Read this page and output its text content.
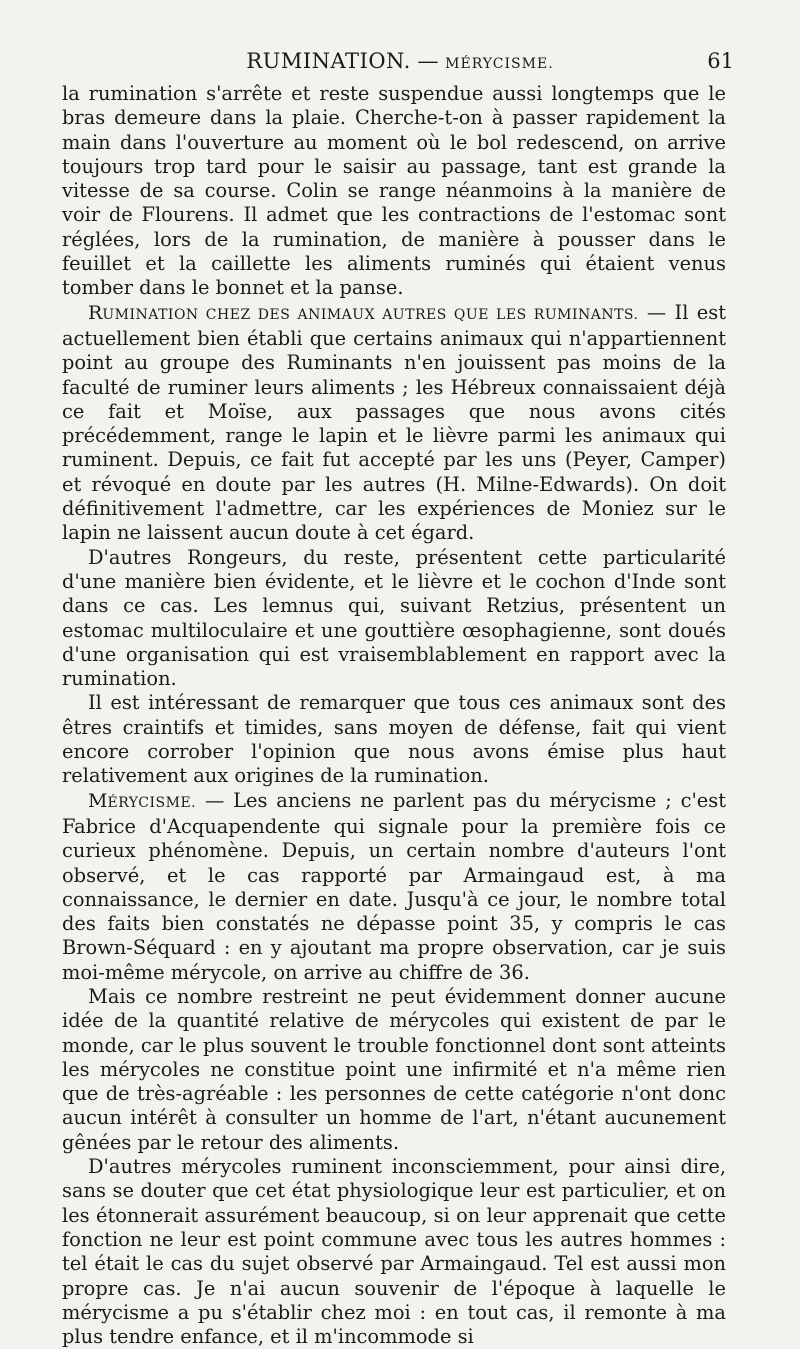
RUMINATION. — MÉRYCISME.	61

la rumination s'arrête et reste suspendue aussi longtemps que le bras demeure dans la plaie. Cherche-t-on à passer rapidement la main dans l'ouverture au moment où le bol redescend, on arrive toujours trop tard pour le saisir au passage, tant est grande la vitesse de sa course. Colin se range néanmoins à la manière de voir de Flourens. Il admet que les contractions de l'estomac sont réglées, lors de la rumination, de manière à pousser dans le feuillet et la caillette les aliments ruminés qui étaient venus tomber dans le bonnet et la panse.

RUMINATION CHEZ DES ANIMAUX AUTRES QUE LES RUMINANTS. — Il est actuellement bien établi que certains animaux qui n'appartiennent point au groupe des Ruminants n'en jouissent pas moins de la faculté de ruminer leurs aliments ; les Hébreux connaissaient déjà ce fait et Moïse, aux passages que nous avons cités précédemment, range le lapin et le lièvre parmi les animaux qui ruminent. Depuis, ce fait fut accepté par les uns (Peyer, Camper) et révoqué en doute par les autres (H. Milne-Edwards). On doit définitivement l'admettre, car les expériences de Moniez sur le lapin ne laissent aucun doute à cet égard.

D'autres Rongeurs, du reste, présentent cette particularité d'une manière bien évidente, et le lièvre et le cochon d'Inde sont dans ce cas. Les lemnus qui, suivant Retzius, présentent un estomac multiloculaire et une gouttière œsophagienne, sont doués d'une organisation qui est vraisemblablement en rapport avec la rumination.

Il est intéressant de remarquer que tous ces animaux sont des êtres craintifs et timides, sans moyen de défense, fait qui vient encore corrober l'opinion que nous avons émise plus haut relativement aux origines de la rumination.

MÉRYCISME. — Les anciens ne parlent pas du mérycisme ; c'est Fabrice d'Acquapendente qui signale pour la première fois ce curieux phénomène. Depuis, un certain nombre d'auteurs l'ont observé, et le cas rapporté par Armaingaud est, à ma connaissance, le dernier en date. Jusqu'à ce jour, le nombre total des faits bien constatés ne dépasse point 35, y compris le cas Brown-Séquard : en y ajoutant ma propre observation, car je suis moi-même mérycole, on arrive au chiffre de 36.

Mais ce nombre restreint ne peut évidemment donner aucune idée de la quantité relative de mérycoles qui existent de par le monde, car le plus souvent le trouble fonctionnel dont sont atteints les mérycoles ne constitue point une infirmité et n'a même rien que de très-agréable : les personnes de cette catégorie n'ont donc aucun intérêt à consulter un homme de l'art, n'étant aucunement gênées par le retour des aliments.

D'autres mérycoles ruminent inconsciemment, pour ainsi dire, sans se douter que cet état physiologique leur est particulier, et on les étonnerait assurément beaucoup, si on leur apprenait que cette fonction ne leur est point commune avec tous les autres hommes : tel était le cas du sujet observé par Armaingaud. Tel est aussi mon propre cas. Je n'ai aucun souvenir de l'époque à laquelle le mérycisme a pu s'établir chez moi : en tout cas, il remonte à ma plus tendre enfance, et il m'incommode si
